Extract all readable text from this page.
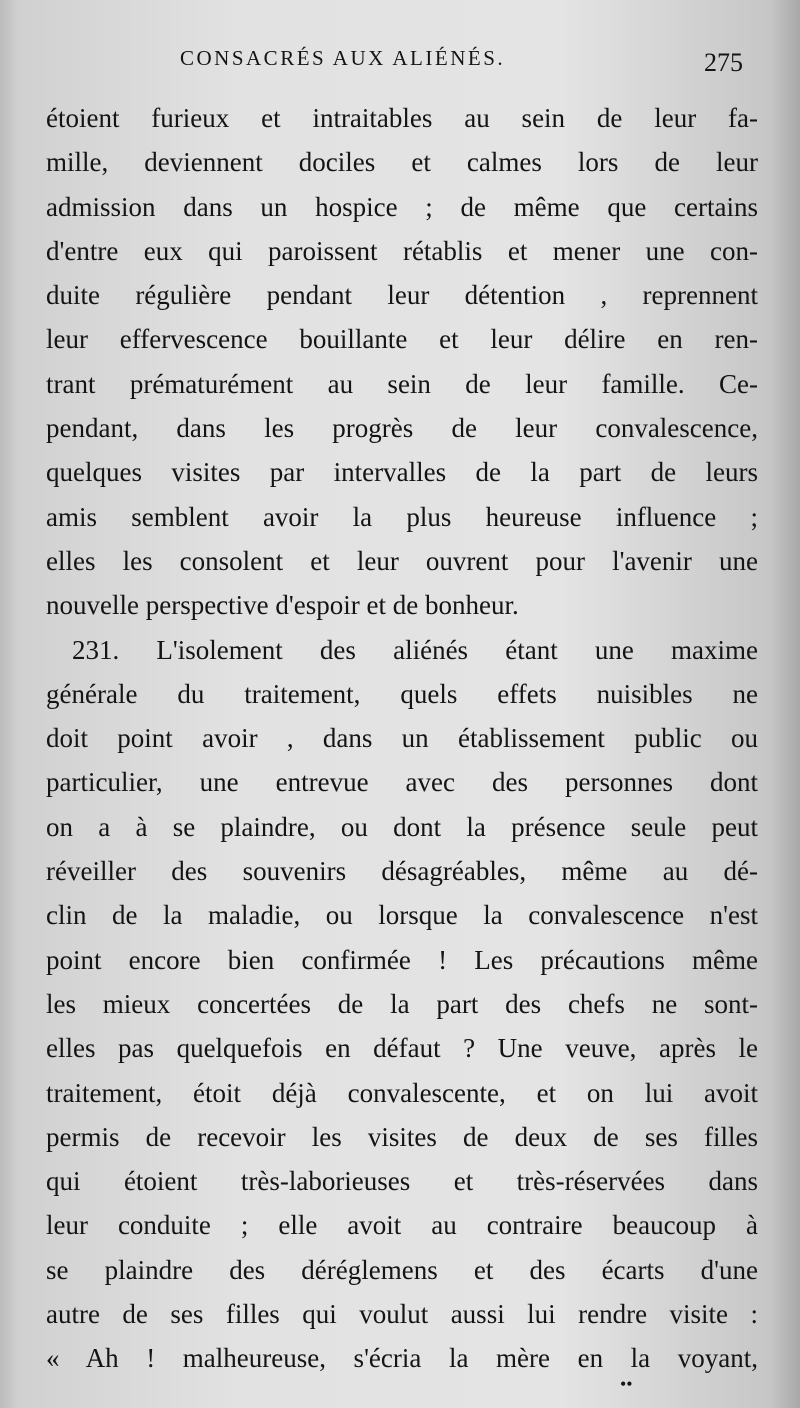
CONSACRÉS AUX ALIÉNÉS.	275
étoient furieux et intraitables au sein de leur fa-
mille, deviennent dociles et calmes lors de leur
admission dans un hospice ; de même que certains
d'entre eux qui paroissent rétablis et mener une con-
duite régulière pendant leur détention , reprennent
leur effervescence bouillante et leur délire en ren-
trant prématurément au sein de leur famille. Ce-
pendant, dans les progrès de leur convalescence,
quelques visites par intervalles de la part de leurs
amis semblent avoir la plus heureuse influence ;
elles les consolent et leur ouvrent pour l'avenir une
nouvelle perspective d'espoir et de bonheur.
231. L'isolement des aliénés étant une maxime
générale du traitement, quels effets nuisibles ne
doit point avoir , dans un établissement public ou
particulier, une entrevue avec des personnes dont
on a à se plaindre, ou dont la présence seule peut
réveiller des souvenirs désagréables, même au dé-
clin de la maladie, ou lorsque la convalescence n'est
point encore bien confirmée ! Les précautions même
les mieux concertées de la part des chefs ne sont-
elles pas quelquefois en défaut ? Une veuve, après le
traitement, étoit déjà convalescente, et on lui avoit
permis de recevoir les visites de deux de ses filles
qui étoient très-laborieuses et très-réservées dans
leur conduite ; elle avoit au contraire beaucoup à
se plaindre des déréglemens et des écarts d'une
autre de ses filles qui voulut aussi lui rendre visite :
« Ah ! malheureuse, s'écria la mère en la voyant,
••
